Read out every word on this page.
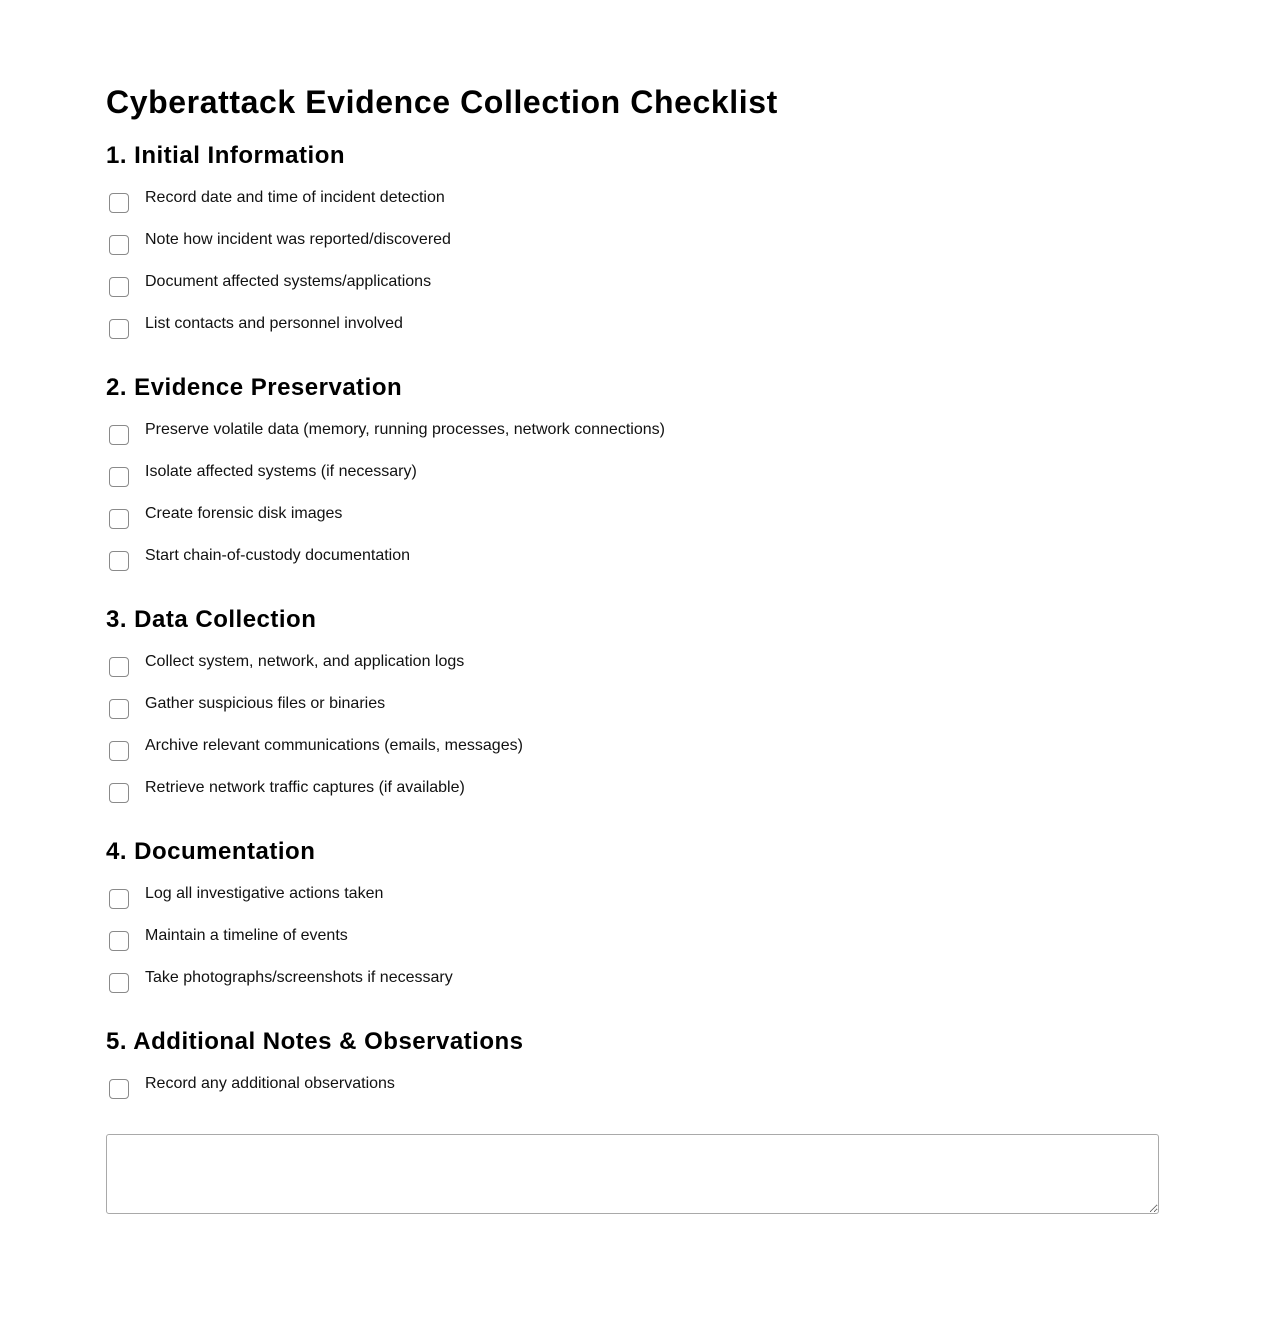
Cyberattack Evidence Collection Checklist
1. Initial Information
Record date and time of incident detection
Note how incident was reported/discovered
Document affected systems/applications
List contacts and personnel involved
2. Evidence Preservation
Preserve volatile data (memory, running processes, network connections)
Isolate affected systems (if necessary)
Create forensic disk images
Start chain-of-custody documentation
3. Data Collection
Collect system, network, and application logs
Gather suspicious files or binaries
Archive relevant communications (emails, messages)
Retrieve network traffic captures (if available)
4. Documentation
Log all investigative actions taken
Maintain a timeline of events
Take photographs/screenshots if necessary
5. Additional Notes & Observations
Record any additional observations
